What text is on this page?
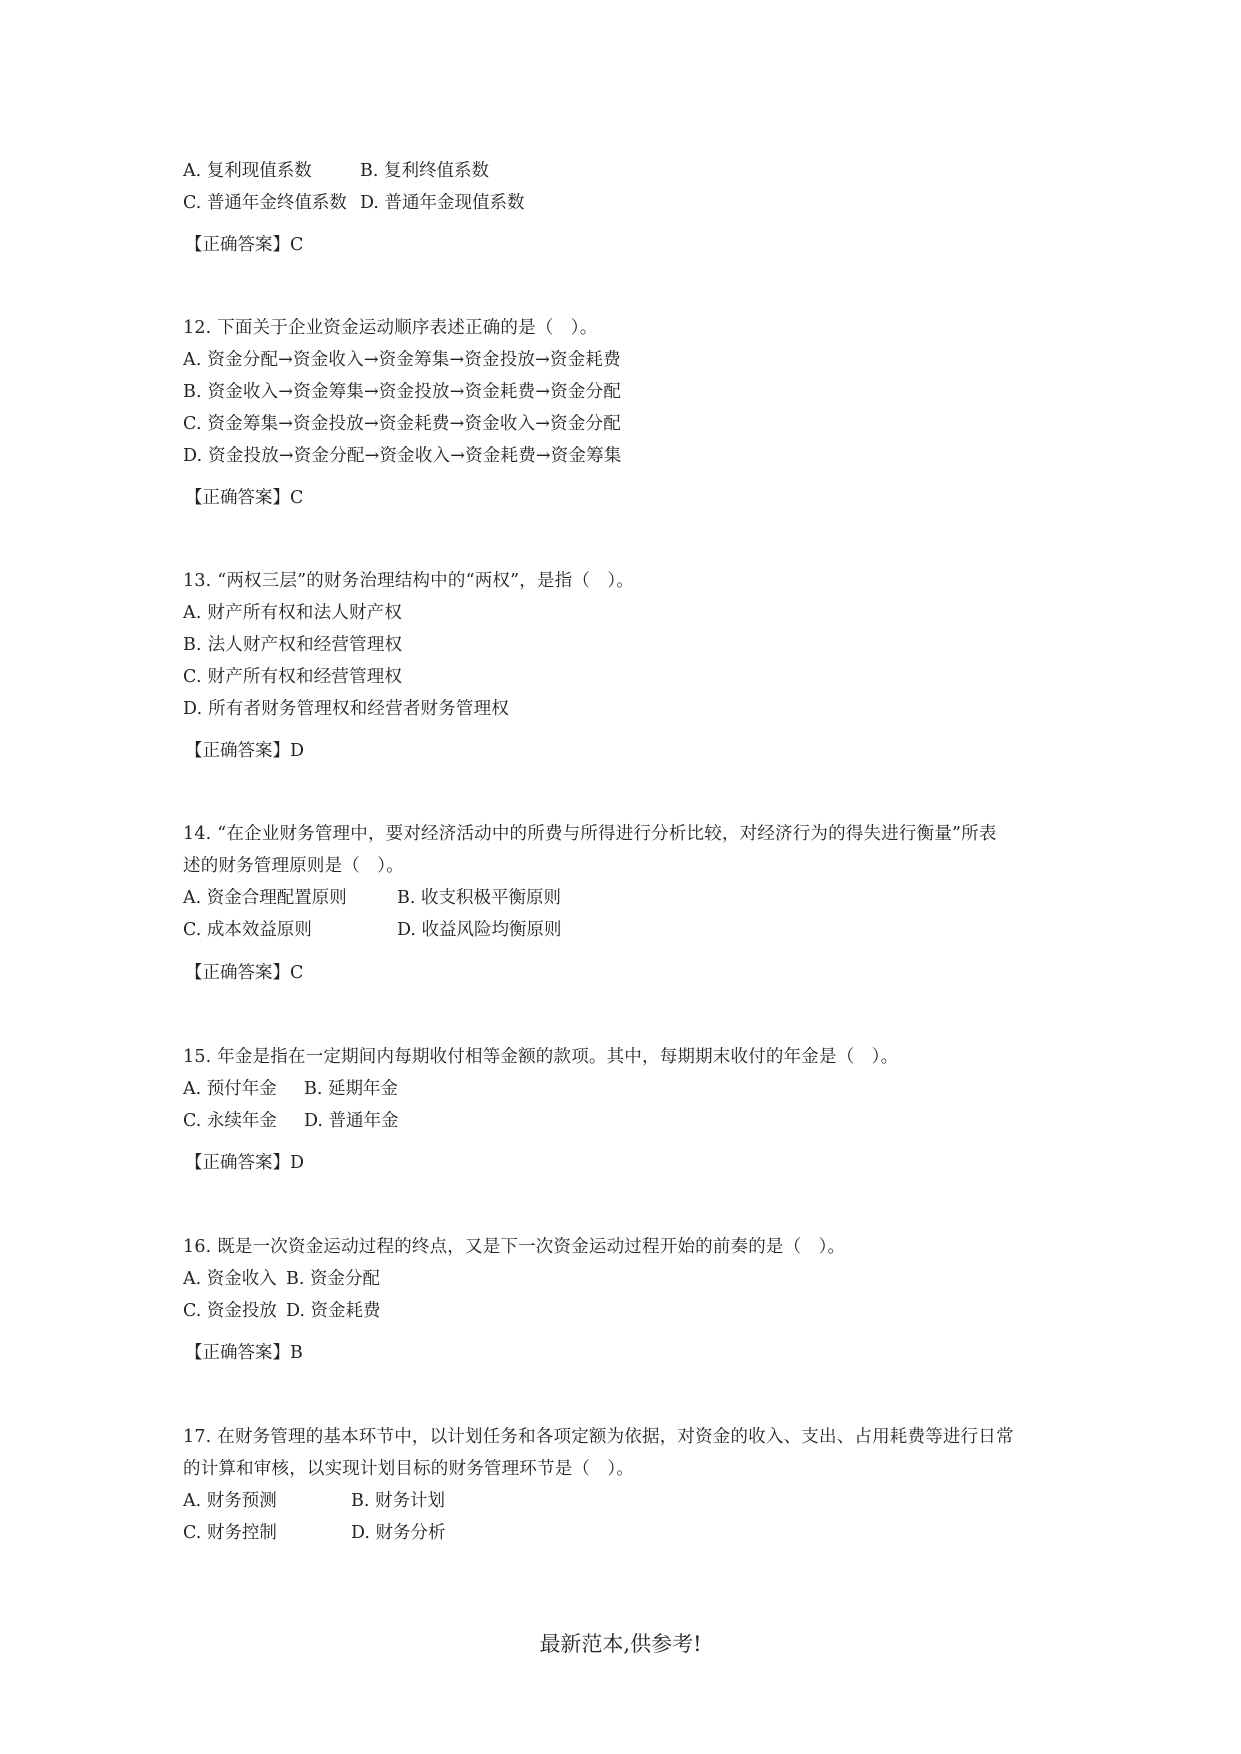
A. 复利现值系数	B. 复利终值系数
C. 普通年金终值系数 D. 普通年金现值系数
【正确答案】C
12. 下面关于企业资金运动顺序表述正确的是（   ）。
A. 资金分配→资金收入→资金筹集→资金投放→资金耗费
B. 资金收入→资金筹集→资金投放→资金耗费→资金分配
C. 资金筹集→资金投放→资金耗费→资金收入→资金分配
D. 资金投放→资金分配→资金收入→资金耗费→资金筹集
【正确答案】C
13. “两权三层”的财务治理结构中的“两权”，是指（   ）。
A. 财产所有权和法人财产权
B. 法人财产权和经营管理权
C. 财产所有权和经营管理权
D. 所有者财务管理权和经营者财务管理权
【正确答案】D
14. “在企业财务管理中，要对经济活动中的所费与所得进行分析比较，对经济行为的得失进行衡量”所表
述的财务管理原则是（   ）。
A. 资金合理配置原则	B. 收支积极平衡原则
C. 成本效益原则	D. 收益风险均衡原则
【正确答案】C
15. 年金是指在一定期间内每期收付相等金额的款项。其中，每期期末收付的年金是（   ）。
A. 预付年金 B. 延期年金
C. 永续年金 D. 普通年金
【正确答案】D
16. 既是一次资金运动过程的终点，又是下一次资金运动过程开始的前奏的是（   ）。
A. 资金收入 B. 资金分配
C. 资金投放 D. 资金耗费
【正确答案】B
17. 在财务管理的基本环节中，以计划任务和各项定额为依据，对资金的收入、支出、占用耗费等进行日常
的计算和审核，以实现计划目标的财务管理环节是（   ）。
A. 财务预测	B. 财务计划
C. 财务控制	D. 财务分析
最新范本,供参考!
